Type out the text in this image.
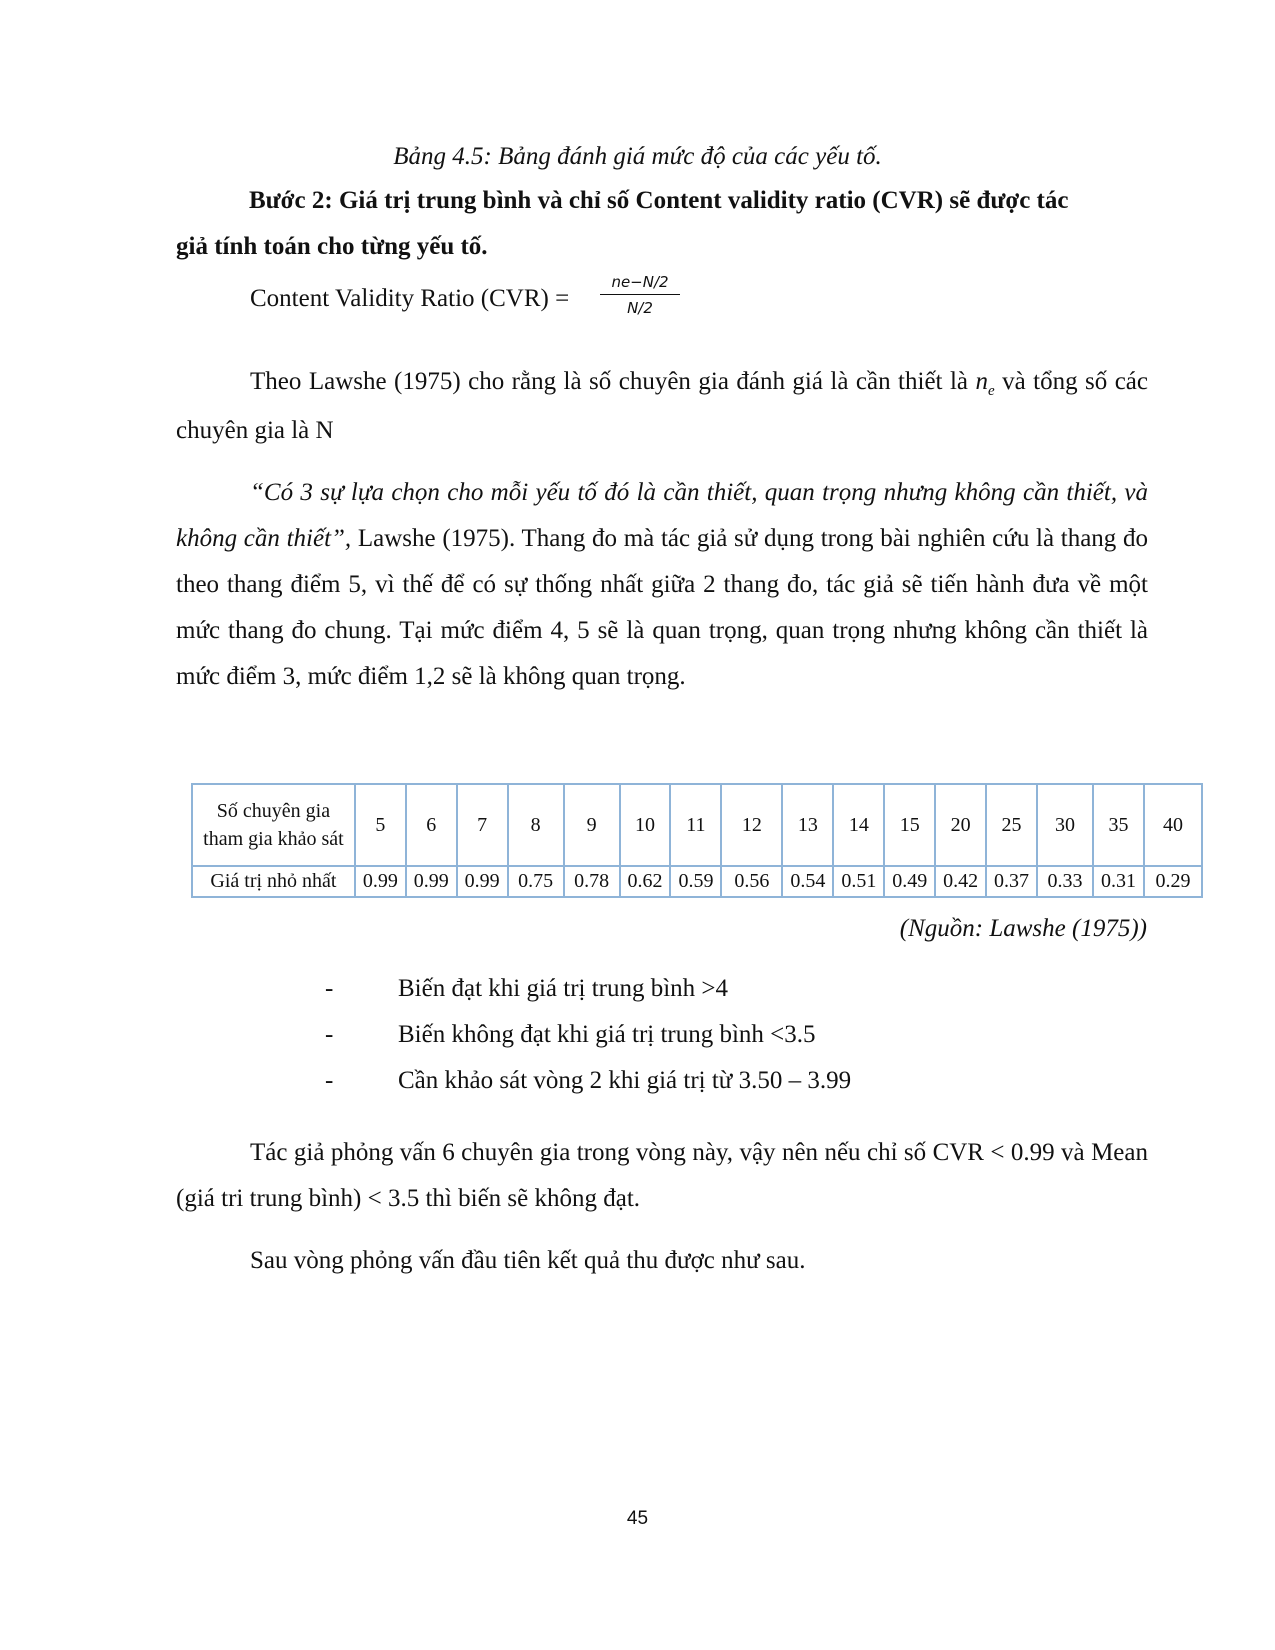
Bảng 4.5: Bảng đánh giá mức độ của các yếu tố.
Bước 2: Giá trị trung bình và chỉ số Content validity ratio (CVR) sẽ được tác
giả tính toán cho từng yếu tố.
Content Validity Ratio $(CVR) = \frac{ne-N/2}{N/2}$
Theo Lawshe (1975) cho rằng là số chuyên gia đánh giá là cần thiết là $n_e$ và tổng số các chuyên gia là N
“Có 3 sự lựa chọn cho mỗi yếu tố đó là cần thiết, quan trọng nhưng không cần thiết, và không cần thiết”, Lawshe (1975). Thang đo mà tác giả sử dụng trong bài nghiên cứu là thang đo theo thang điểm 5, vì thế để có sự thống nhất giữa 2 thang đo, tác giả sẽ tiến hành đưa về một mức thang đo chung. Tại mức điểm 4, 5 sẽ là quan trọng, quan trọng nhưng không cần thiết là mức điểm 3, mức điểm 1,2 sẽ là không quan trọng.
Số chuyên gia
tham gia khảo sát	5	6	7	8	9	10	11	12	13	14	15	20	25	30	35	40
Giá trị nhỏ nhất	0.99	0.99	0.99	0.75	0.78	0.62	0.59	0.56	0.54	0.51	0.49	0.42	0.37	0.33	0.31	0.29
(Nguồn: Lawshe (1975))
-	Biến đạt khi giá trị trung bình >4
-	Biến không đạt khi giá trị trung bình <3.5
-	Cần khảo sát vòng 2 khi giá trị từ 3.50 – 3.99
Tác giả phỏng vấn 6 chuyên gia trong vòng này, vậy nên nếu chỉ số CVR < 0.99 và Mean (giá tri trung bình) < 3.5 thì biến sẽ không đạt.
Sau vòng phỏng vấn đầu tiên kết quả thu được như sau.
45
